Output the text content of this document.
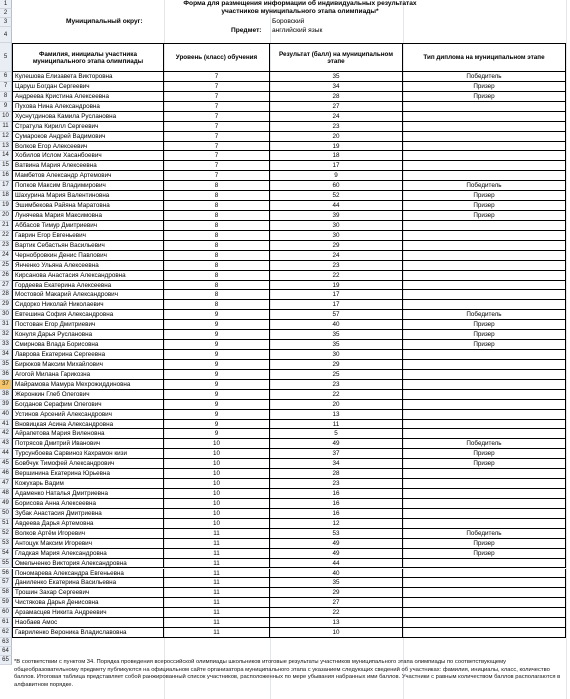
1
2
3
4
5
6
7
8
9
10
11
12
13
14
15
16
17
18
19
20
21
22
23
24
25
26
27
28
29
30
31
32
33
34
35
36
37
38
39
40
41
42
43
44
45
46
47
48
49
50
51
52
53
54
55
56
57
58
59
60
61
62
63
64
65
Форма для размещения информации об индивидуальных результатах участников муниципального этапа олимпиады*
Муниципальный округ:	Боровский
Предмет: английский язык
Фамилия, инициалы участника муниципального этапа олимпиады	Уровень (класс) обучения	Результат (балл) на муниципальном этапе	Тип диплома на муниципальном этапе
Кулешова Елизавета Викторовна	7	35	Победитель
Царуш Богдан Сергеевич	7	34	Призер
Андреева Кристина Алексеевна	7	28	Призер
Пухова Нина Александровна	7	27
Хуснутдинова Камила Руслановна	7	24
Стратула Кирилл Сергеевич	7	23
Сумароков Андрей Вадимович	7	20
Волков Егор Алексеевич	7	19
Хобилов Ислом Хасанбоевич	7	18
Ватвина Мария Алексеевна	7	17
Мамбетов Александр Артемович	7	9
Попков Максим Владимирович	8	60	Победитель
Шахурина Мария Валентиновна	8	52	Призер
Эшимбекова Райяна Маратовна	8	44	Призер
Лунячева Мария Максимовна	8	39	Призер
Аббасов Тимур Дмитриевич	8	30
Гаврин Егор Евгеньевич	8	30
Вартик Себастьян Васильевич	8	29
Чернобровкин Денис Павлович	8	24
Янченко Ульяна Алексеевна	8	23
Кирсанова Анастасия Александровна	8	22
Гордеева Екатерина Алексеевна	8	19
Мостовой Макарий Александрович	8	17
Сидорко Николай Николаевич	8	17
Евтешина София Александровна	9	57	Победитель
Постован Егор Дмитриевич	9	40	Призер
Конуля Дарья Руслановна	9	35	Призер
Смирнова Влада Борисовна	9	35	Призер
Лаврова Екатерина Сергеевна	9	30
Бирюков Максим Михайлович	9	29
Агогой Милана Гарикозна	9	25
Майрамова Мамура Мехрожиддиновна	9	23
Жеронкин Глеб Олегович	9	22
Богданов Серафим Олегович	9	20
Устинов Арсений Александрович	9	13
Вновицкая Асина Александровна	9	11
Айрапетова Мария Виленовна	9	5
Потрясов Дмитрий Иванович	10	49	Победитель
Турсунбоева Сарвиноз Кахрамон кизи	10	37	Призер
Бовбчук Тимофей Александрович	10	34	Призер
Вершинина Екатерина Юрьевна	10	28
Кожухарь Вадим	10	23
Адаменко Наталья Дмитриевна	10	16
Борисова Анна Алексеевна	10	16
Зубак Анастасия Дмитриевна	10	16
Авдеева Дарья Артемовна	10	12
Волков Артём Игоревич	11	53	Победитель
Антоцук Максим Игоревич	11	49	Призер
Гладкая Мария Александровна	11	49	Призер
Омельченко Виктория Александровна	11	44
Пономарева Александра Евгеньевна	11	40
Даниленко Екатерина Васильевна	11	35
Трошин Захар Сергеевич	11	29
Чистякова Дарья Денисовна	11	27
Арзамасцев Никита Андреевич	11	22
Наобаев Амос	11	13
Гавриленко Вероника Владиславовна	11	10
*В соответствии с пунктом 34. Порядка проведения всероссийской олимпиады школьников итоговые результаты участников муниципального этапа олимпиады по соответствующему общеобразовательному предмету публикуются на официальном сайте организатора муниципального этапа с указанием следующих сведений об участниках: фамилия, инициалы, класс, количество баллов. Итоговая таблица представляет собой ранжированный список участников, расположенных по мере убывания набранных ими баллов. Участники с равным количеством баллов располагаются в алфавитном порядке.
